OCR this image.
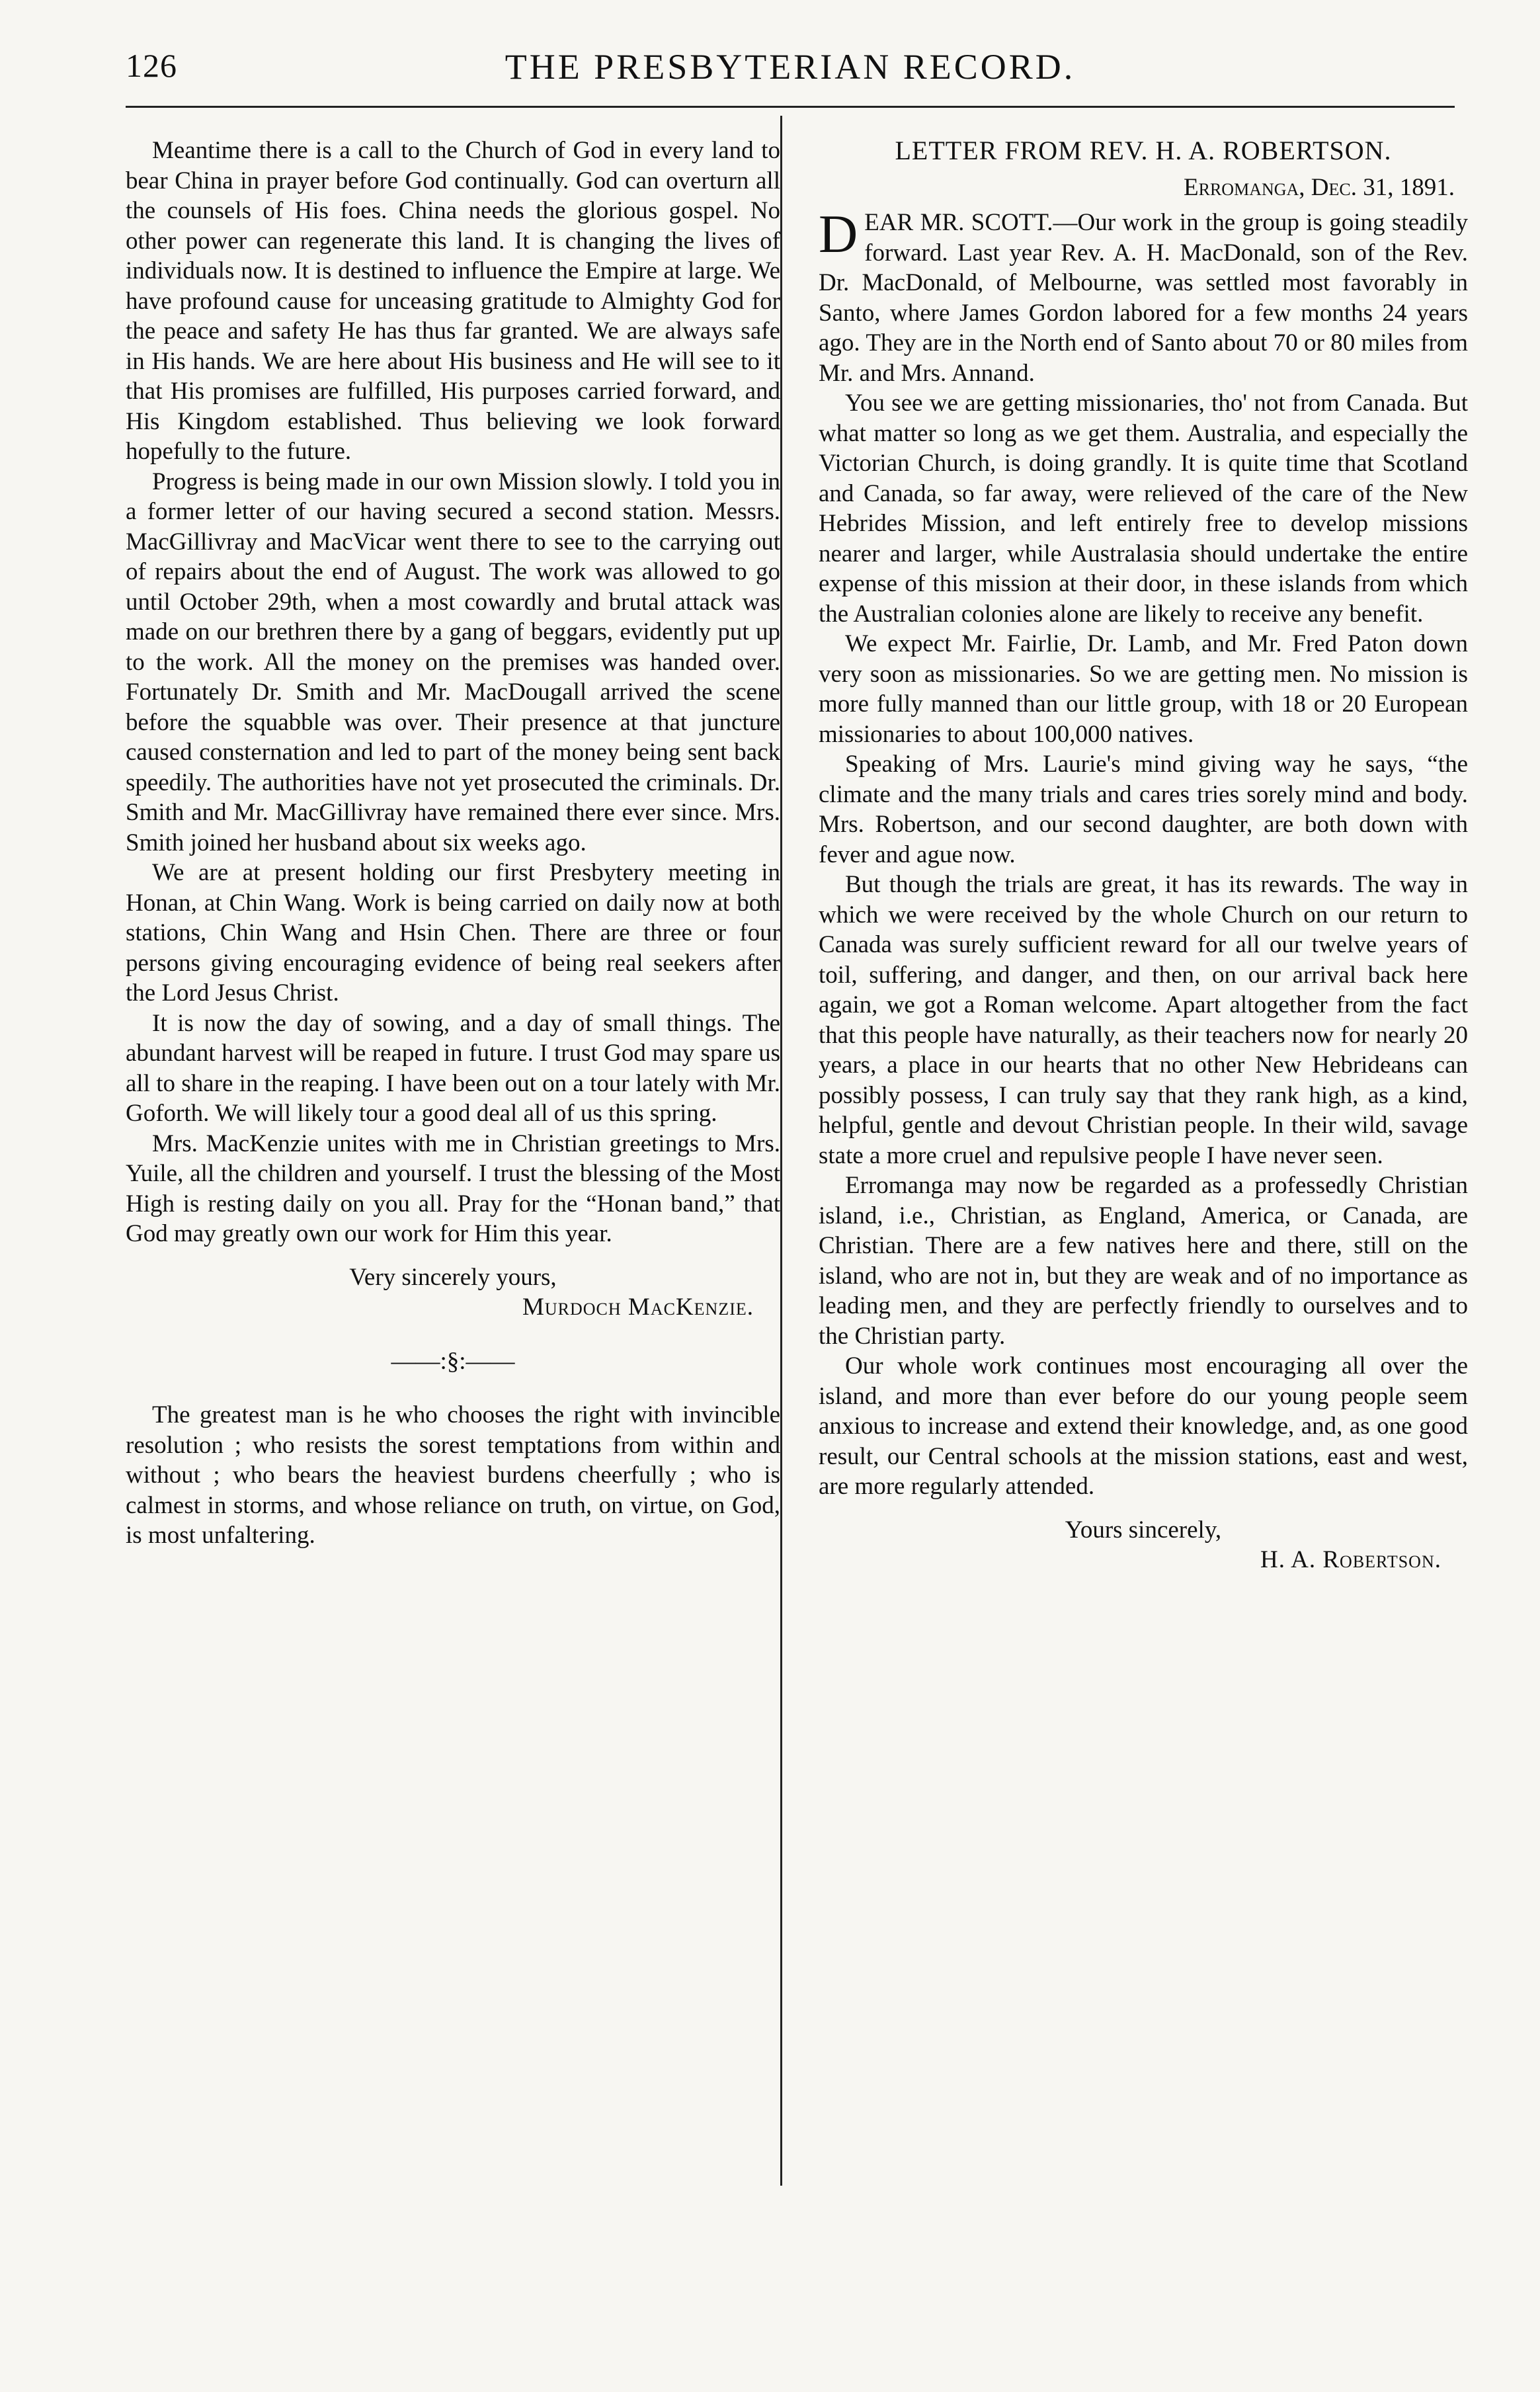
126	THE PRESBYTERIAN RECORD.

Meantime there is a call to the Church of God in every land to bear China in prayer before God continually. God can overturn all the counsels of His foes. China needs the glorious gospel. No other power can regenerate this land. It is changing the lives of individuals now. It is destined to influence the Empire at large. We have profound cause for unceasing gratitude to Almighty God for the peace and safety He has thus far granted. We are always safe in His hands. We are here about His business and He will see to it that His promises are fulfilled, His purposes carried forward, and His Kingdom established. Thus believing we look forward hopefully to the future.

Progress is being made in our own Mission slowly. I told you in a former letter of our having secured a second station. Messrs. MacGillivray and MacVicar went there to see to the carrying out of repairs about the end of August. The work was allowed to go until October 29th, when a most cowardly and brutal attack was made on our brethren there by a gang of beggars, evidently put up to the work. All the money on the premises was handed over. Fortunately Dr. Smith and Mr. MacDougall arrived the scene before the squabble was over. Their presence at that juncture caused consternation and led to part of the money being sent back speedily. The authorities have not yet prosecuted the criminals. Dr. Smith and Mr. MacGillivray have remained there ever since. Mrs. Smith joined her husband about six weeks ago.

We are at present holding our first Presbytery meeting in Honan, at Chin Wang. Work is being carried on daily now at both stations, Chin Wang and Hsin Chen. There are three or four persons giving encouraging evidence of being real seekers after the Lord Jesus Christ.

It is now the day of sowing, and a day of small things. The abundant harvest will be reaped in future. I trust God may spare us all to share in the reaping. I have been out on a tour lately with Mr. Goforth. We will likely tour a good deal all of us this spring.

Mrs. MacKenzie unites with me in Christian greetings to Mrs. Yuile, all the children and yourself. I trust the blessing of the Most High is resting daily on you all. Pray for the “Honan band,” that God may greatly own our work for Him this year.

Very sincerely yours,

Murdoch MacKenzie.

——:§:——

The greatest man is he who chooses the right with invincible resolution ; who resists the sorest temptations from within and without ; who bears the heaviest burdens cheerfully ; who is calmest in storms, and whose reliance on truth, on virtue, on God, is most unfaltering.

LETTER FROM REV. H. A. ROBERTSON.

Erromanga, Dec. 31, 1891.

DEAR MR. SCOTT.—Our work in the group is going steadily forward. Last year Rev. A. H. MacDonald, son of the Rev. Dr. MacDonald, of Melbourne, was settled most favorably in Santo, where James Gordon labored for a few months 24 years ago. They are in the North end of Santo about 70 or 80 miles from Mr. and Mrs. Annand.

You see we are getting missionaries, tho' not from Canada. But what matter so long as we get them. Australia, and especially the Victorian Church, is doing grandly. It is quite time that Scotland and Canada, so far away, were relieved of the care of the New Hebrides Mission, and left entirely free to develop missions nearer and larger, while Australasia should undertake the entire expense of this mission at their door, in these islands from which the Australian colonies alone are likely to receive any benefit.

We expect Mr. Fairlie, Dr. Lamb, and Mr. Fred Paton down very soon as missionaries. So we are getting men. No mission is more fully manned than our little group, with 18 or 20 European missionaries to about 100,000 natives.

Speaking of Mrs. Laurie's mind giving way he says, “the climate and the many trials and cares tries sorely mind and body. Mrs. Robertson, and our second daughter, are both down with fever and ague now.

But though the trials are great, it has its rewards. The way in which we were received by the whole Church on our return to Canada was surely sufficient reward for all our twelve years of toil, suffering, and danger, and then, on our arrival back here again, we got a Roman welcome. Apart altogether from the fact that this people have naturally, as their teachers now for nearly 20 years, a place in our hearts that no other New Hebrideans can possibly possess, I can truly say that they rank high, as a kind, helpful, gentle and devout Christian people. In their wild, savage state a more cruel and repulsive people I have never seen.

Erromanga may now be regarded as a professedly Christian island, i.e., Christian, as England, America, or Canada, are Christian. There are a few natives here and there, still on the island, who are not in, but they are weak and of no importance as leading men, and they are perfectly friendly to ourselves and to the Christian party.

Our whole work continues most encouraging all over the island, and more than ever before do our young people seem anxious to increase and extend their knowledge, and, as one good result, our Central schools at the mission stations, east and west, are more regularly attended.

Yours sincerely,

H. A. Robertson.
